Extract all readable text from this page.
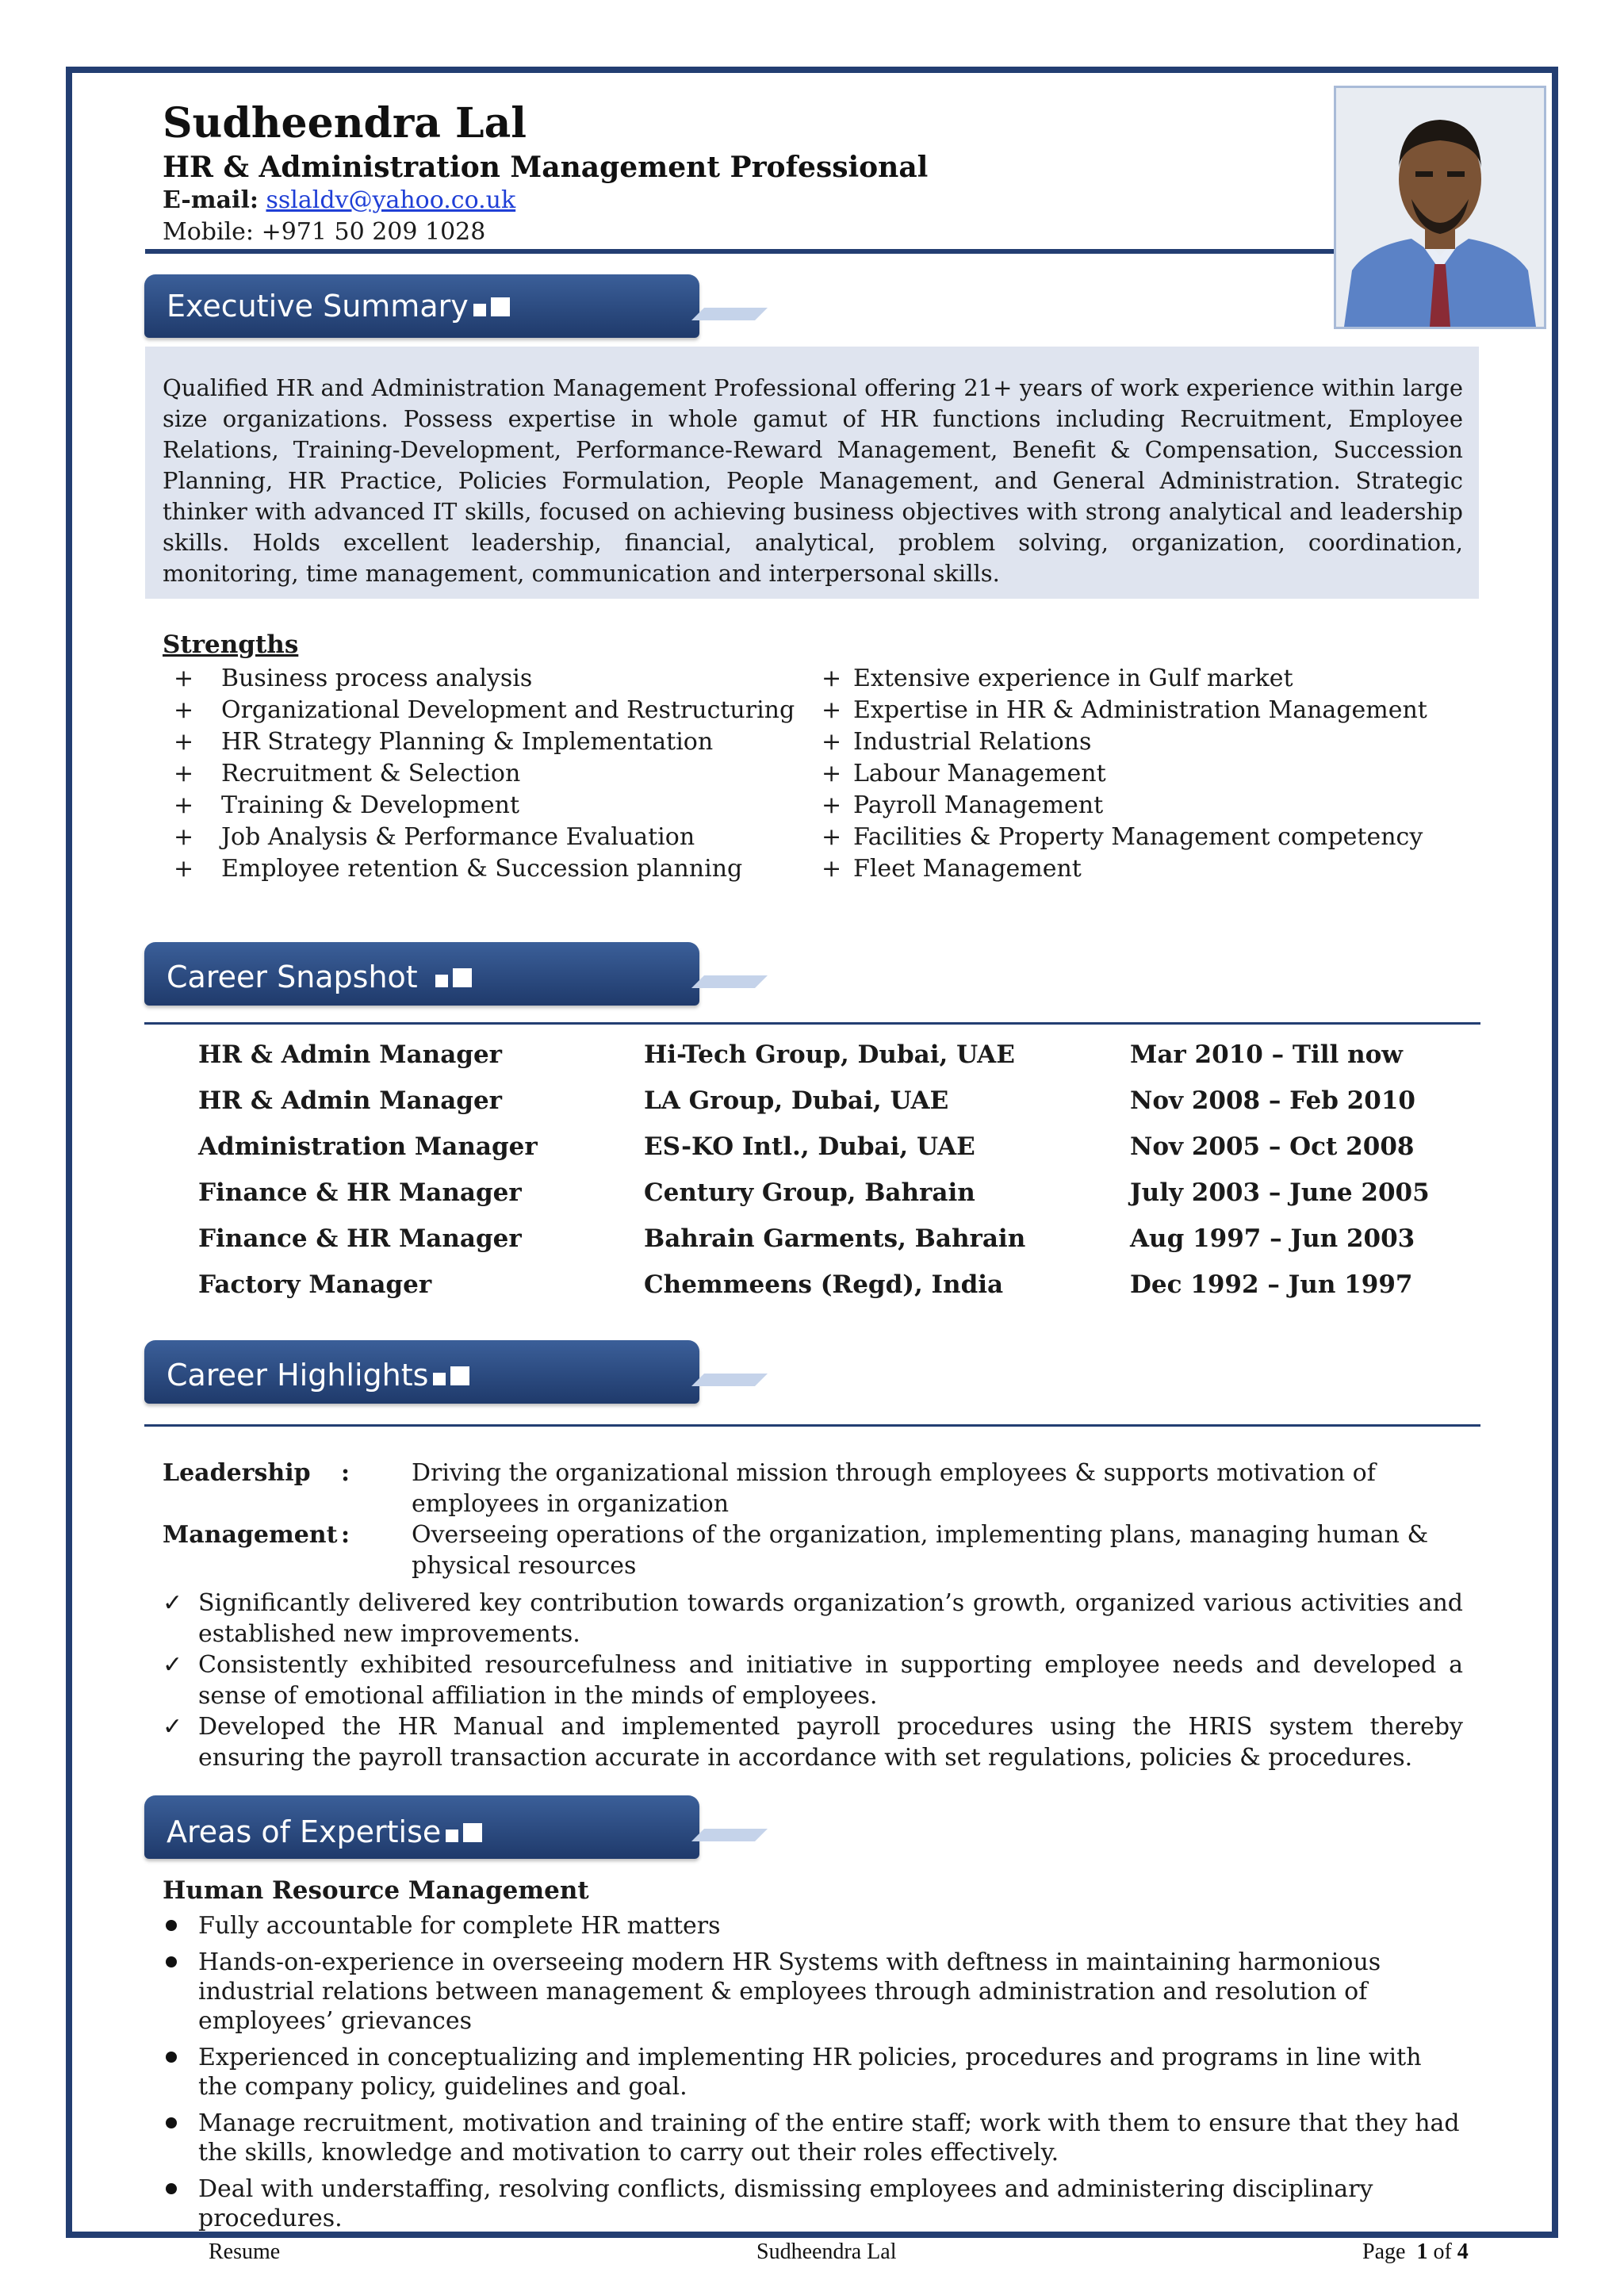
Sudheendra Lal
HR & Administration Management Professional
E-mail: sslaldv@yahoo.co.uk
Mobile: +971 50 209 1028
Executive Summary
Qualified HR and Administration Management Professional offering 21+ years of work experience within large size organizations. Possess expertise in whole gamut of HR functions including Recruitment, Employee Relations, Training-Development, Performance-Reward Management, Benefit & Compensation, Succession Planning, HR Practice, Policies Formulation, People Management, and General Administration. Strategic thinker with advanced IT skills, focused on achieving business objectives with strong analytical and leadership skills. Holds excellent leadership, financial, analytical, problem solving, organization, coordination, monitoring, time management, communication and interpersonal skills.
Strengths
+ Business process analysis
+ Organizational Development and Restructuring
+ HR Strategy Planning & Implementation
+ Recruitment & Selection
+ Training & Development
+ Job Analysis & Performance Evaluation
+ Employee retention & Succession planning
+ Extensive experience in Gulf market
+ Expertise in HR & Administration Management
+ Industrial Relations
+ Labour Management
+ Payroll Management
+ Facilities & Property Management competency
+ Fleet Management
Career Snapshot
HR & Admin Manager	Hi-Tech Group, Dubai, UAE	Mar 2010 – Till now
HR & Admin Manager	LA Group, Dubai, UAE	Nov 2008 – Feb 2010
Administration Manager	ES-KO Intl., Dubai, UAE	Nov 2005 – Oct 2008
Finance & HR Manager	Century Group, Bahrain	July 2003 – June 2005
Finance & HR Manager	Bahrain Garments, Bahrain	Aug 1997 – Jun 2003
Factory Manager	Chemmeens (Regd), India	Dec 1992 – Jun 1997
Career Highlights
Leadership :	Driving the organizational mission through employees & supports motivation of employees in organization
Management :	Overseeing operations of the organization, implementing plans, managing human & physical resources
✓ Significantly delivered key contribution towards organization’s growth, organized various activities and established new improvements.
✓ Consistently exhibited resourcefulness and initiative in supporting employee needs and developed a sense of emotional affiliation in the minds of employees.
✓ Developed the HR Manual and implemented payroll procedures using the HRIS system thereby ensuring the payroll transaction accurate in accordance with set regulations, policies & procedures.
Areas of Expertise
Human Resource Management
Fully accountable for complete HR matters
Hands-on-experience in overseeing modern HR Systems with deftness in maintaining harmonious industrial relations between management & employees through administration and resolution of employees’ grievances
Experienced in conceptualizing and implementing HR policies, procedures and programs in line with the company policy, guidelines and goal.
Manage recruitment, motivation and training of the entire staff; work with them to ensure that they had the skills, knowledge and motivation to carry out their roles effectively.
Deal with understaffing, resolving conflicts, dismissing employees and administering disciplinary procedures.
Resume	Sudheendra Lal	Page 1 of 4
